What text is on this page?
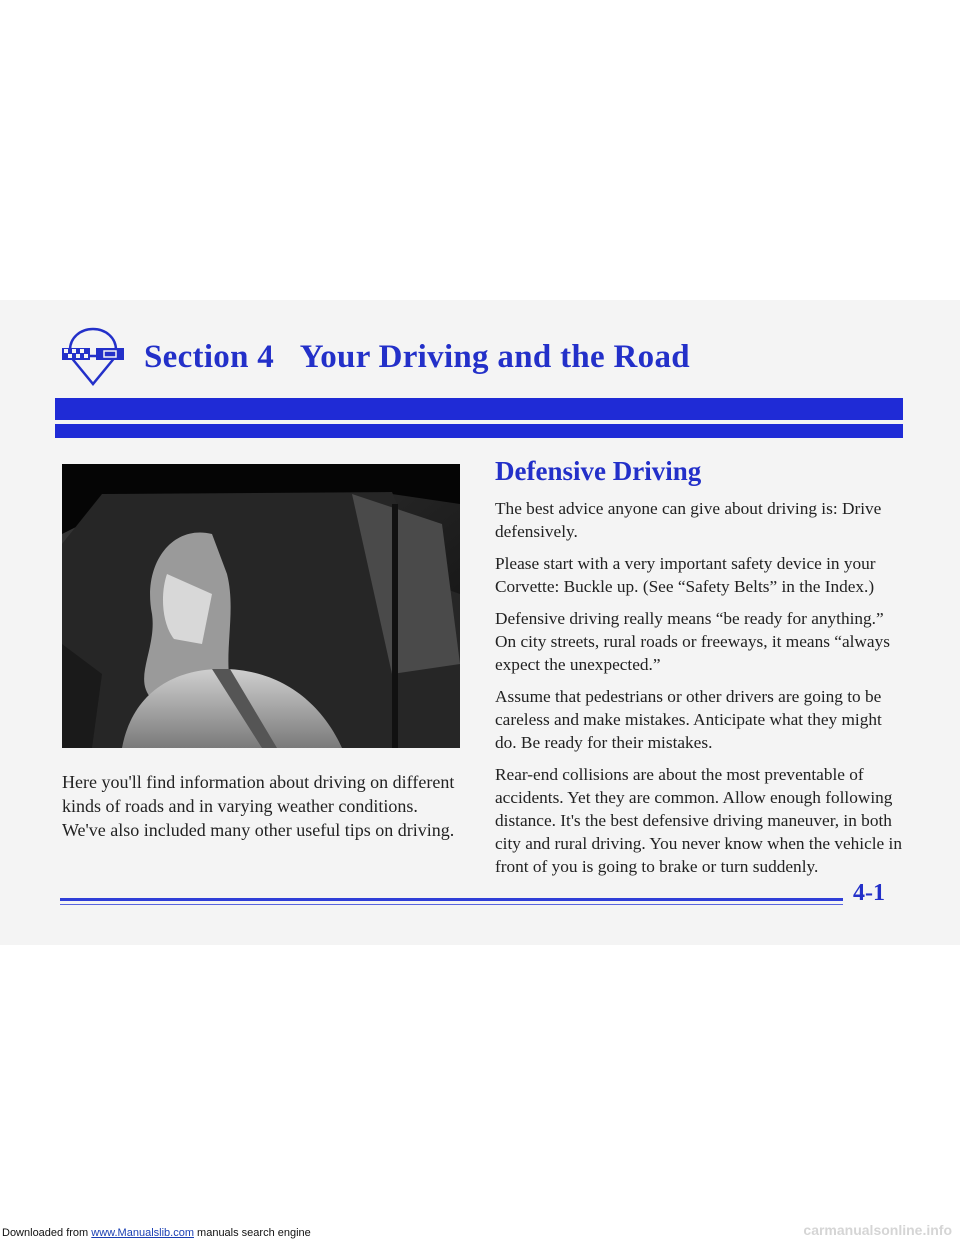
Section 4
Your Driving and the Road
Here you'll find information about driving on different kinds of roads and in varying weather conditions. We've also included many other useful tips on driving.
Defensive Driving

The best advice anyone can give about driving is: Drive defensively.

Please start with a very important safety device in your Corvette: Buckle up. (See “Safety Belts” in the Index.)

Defensive driving really means “be ready for anything.” On city streets, rural roads or freeways, it means “always expect the unexpected.”

Assume that pedestrians or other drivers are going to be careless and make mistakes. Anticipate what they might do. Be ready for their mistakes.

Rear-end collisions are about the most preventable of accidents. Yet they are common. Allow enough following distance. It's the best defensive driving maneuver, in both city and rural driving. You never know when the vehicle in front of you is going to brake or turn suddenly.

4-1
Downloaded from www.Manualslib.com manuals search engine	carmanualsonline.info
